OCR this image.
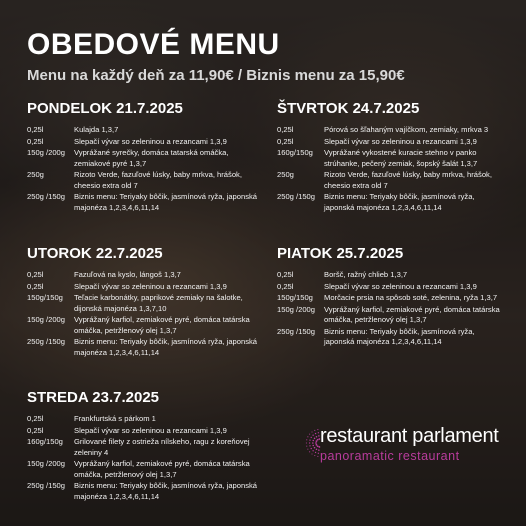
OBEDOVÉ MENU

Menu na každý deň za 11,90€ / Biznis menu za 15,90€

PONDELOK 21.7.2025
0,25l	Kulajda 1,3,7
0,25l	Slepačí vývar so zeleninou a rezancami 1,3,9
150g /200g	Vyprážané syrečky, domáca tatarská omáčka, zemiakové pyré 1,3,7
250g	Rizoto Verde, fazuľové lúsky, baby mrkva, hrášok, cheesio extra old 7
250g /150g	Biznis menu: Teriyaky bôčik, jasmínová ryža, japonská majonéza 1,2,3,4,6,11,14
UTOROK 22.7.2025
0,25l	Fazuľová na kyslo, lángoš 1,3,7
0,25l	Slepačí vývar so zeleninou a rezancami 1,3,9
150g/150g	Teľacie karbonátky, paprikové zemiaky na šalotke, dijonská majonéza 1,3,7,10
150g /200g	Vyprážaný karfiol, zemiakové pyré, domáca tatárska omáčka, petržlenový olej 1,3,7
250g /150g	Biznis menu: Teriyaky bôčik, jasmínová ryža, japonská majonéza 1,2,3,4,6,11,14
STREDA 23.7.2025
0,25l	Frankfurtská s párkom 1
0,25l	Slepačí vývar so zeleninou a rezancami 1,3,9
160g/150g	Grilované filety z ostrieža nílskeho, ragu z koreňovej zeleniny 4
150g /200g	Vyprážaný karfiol, zemiakové pyré, domáca tatárska omáčka, petržlenový olej 1,3,7
250g /150g	Biznis menu: Teriyaky bôčik, jasmínová ryža, japonská majonéza 1,2,3,4,6,11,14
ŠTVRTOK 24.7.2025
0,25l	Pórová so šľahaným vajíčkom, zemiaky, mrkva 3
0,25l	Slepačí vývar so zeleninou a rezancami 1,3,9
160g/150g	Vyprážané vykostené kuracie stehno v panko strúhanke, pečený zemiak, šopský šalát 1,3,7
250g	Rizoto Verde, fazuľové lúsky, baby mrkva, hrášok, cheesio extra old 7
250g /150g	Biznis menu: Teriyaky bôčik, jasmínová ryža, japonská majonéza 1,2,3,4,6,11,14
PIATOK 25.7.2025
0,25l	Boršč, ražný chlieb 1,3,7
0,25l	Slepačí vývar so zeleninou a rezancami 1,3,9
150g/150g	Morčacie prsia na spôsob soté, zelenina, ryža 1,3,7
150g /200g	Vyprážaný karfiol, zemiakové pyré, domáca tatárska omáčka, petržlenový olej 1,3,7
250g /150g	Biznis menu: Teriyaky bôčik, jasmínová ryža, japonská majonéza 1,2,3,4,6,11,14
restaurant parlament
panoramatic restaurant
